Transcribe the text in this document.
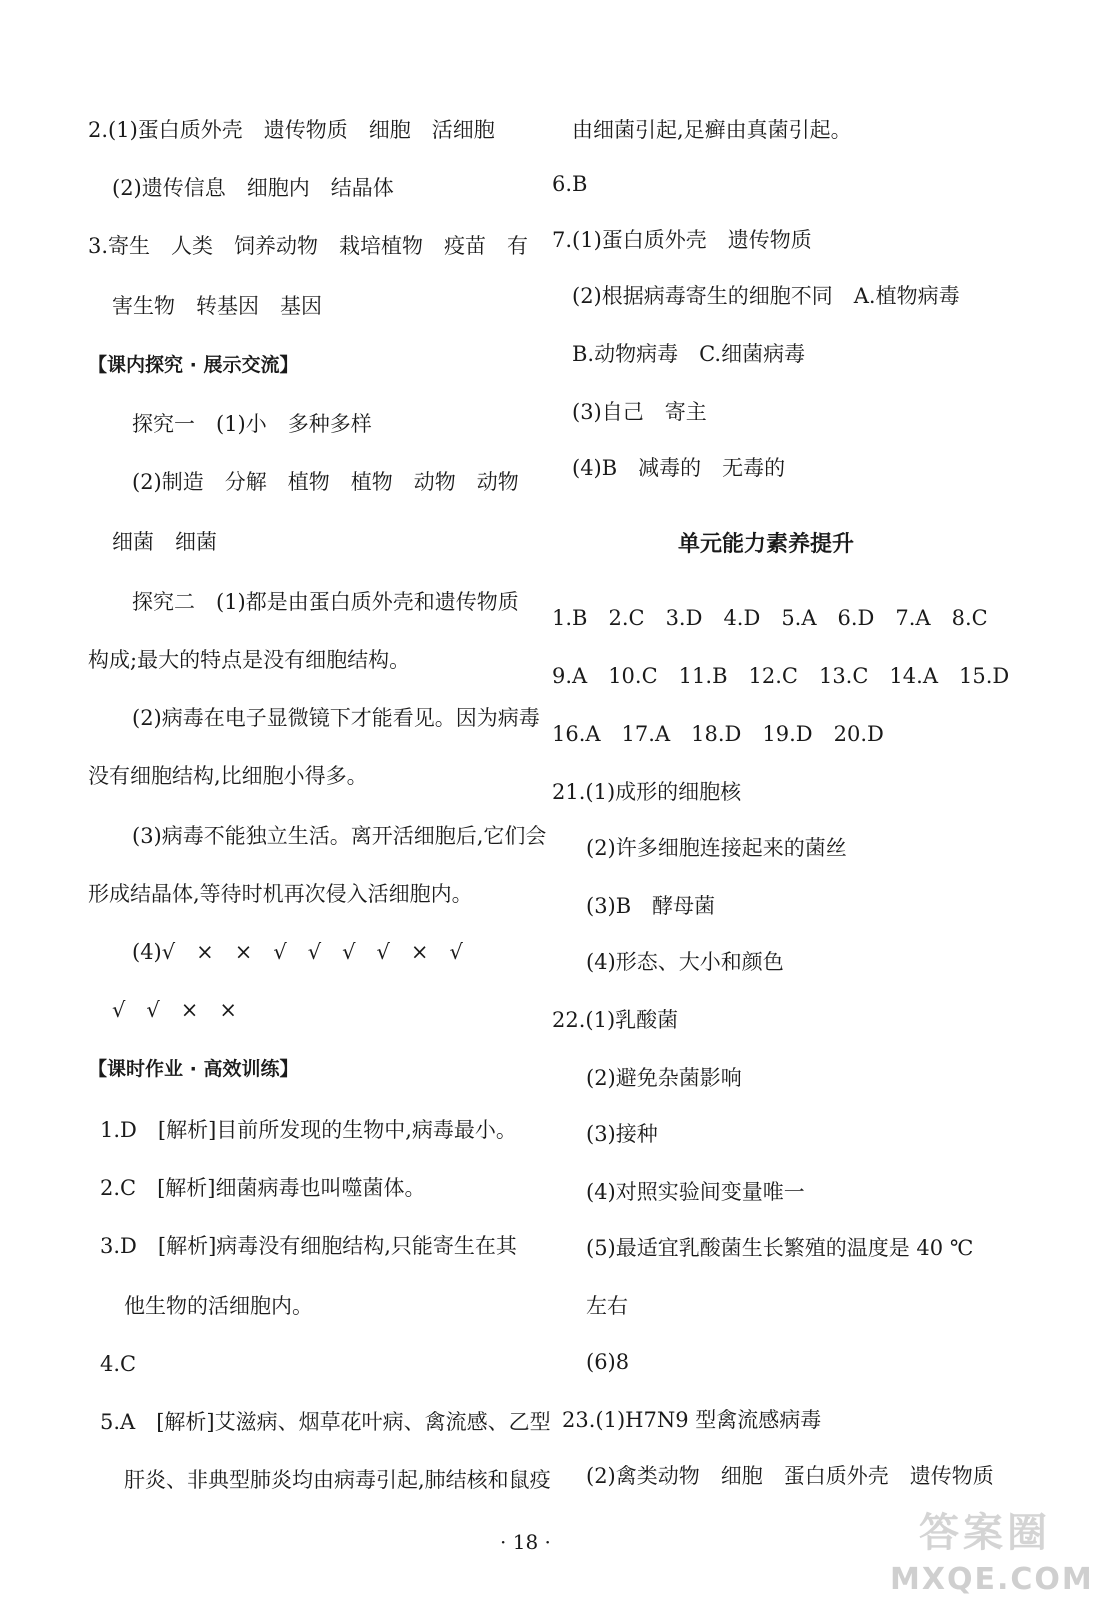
2.(1)蛋白质外壳　遗传物质　细胞　活细胞
(2)遗传信息　细胞内　结晶体
3.寄生　人类　饲养动物　栽培植物　疫苗　有
害生物　转基因　基因
【课内探究 · 展示交流】
探究一　(1)小　多种多样
(2)制造　分解　植物　植物　动物　动物
细菌　细菌
探究二　(1)都是由蛋白质外壳和遗传物质
构成;最大的特点是没有细胞结构。
(2)病毒在电子显微镜下才能看见。因为病毒
没有细胞结构,比细胞小得多。
(3)病毒不能独立生活。离开活细胞后,它们会
形成结晶体,等待时机再次侵入活细胞内。
(4)√　×　×　√　√　√　√　×　√
√　√　×　×
【课时作业 · 高效训练】
1.D　[解析]目前所发现的生物中,病毒最小。
2.C　[解析]细菌病毒也叫噬菌体。
3.D　[解析]病毒没有细胞结构,只能寄生在其
他生物的活细胞内。
4.C
5.A　[解析]艾滋病、烟草花叶病、禽流感、乙型
肝炎、非典型肺炎均由病毒引起,肺结核和鼠疫
由细菌引起,足癣由真菌引起。
6.B
7.(1)蛋白质外壳　遗传物质
(2)根据病毒寄生的细胞不同　A.植物病毒
B.动物病毒　C.细菌病毒
(3)自己　寄主
(4)B　减毒的　无毒的
单元能力素养提升
1.B　2.C　3.D　4.D　5.A　6.D　7.A　8.C
9.A　10.C　11.B　12.C　13.C　14.A　15.D
16.A　17.A　18.D　19.D　20.D
21.(1)成形的细胞核
(2)许多细胞连接起来的菌丝
(3)B　酵母菌
(4)形态、大小和颜色
22.(1)乳酸菌
(2)避免杂菌影响
(3)接种
(4)对照实验间变量唯一
(5)最适宜乳酸菌生长繁殖的温度是 40 ℃
左右
(6)8
23.(1)H7N9 型禽流感病毒
(2)禽类动物　细胞　蛋白质外壳　遗传物质
· 18 ·	答案圈
MXQE.COM
